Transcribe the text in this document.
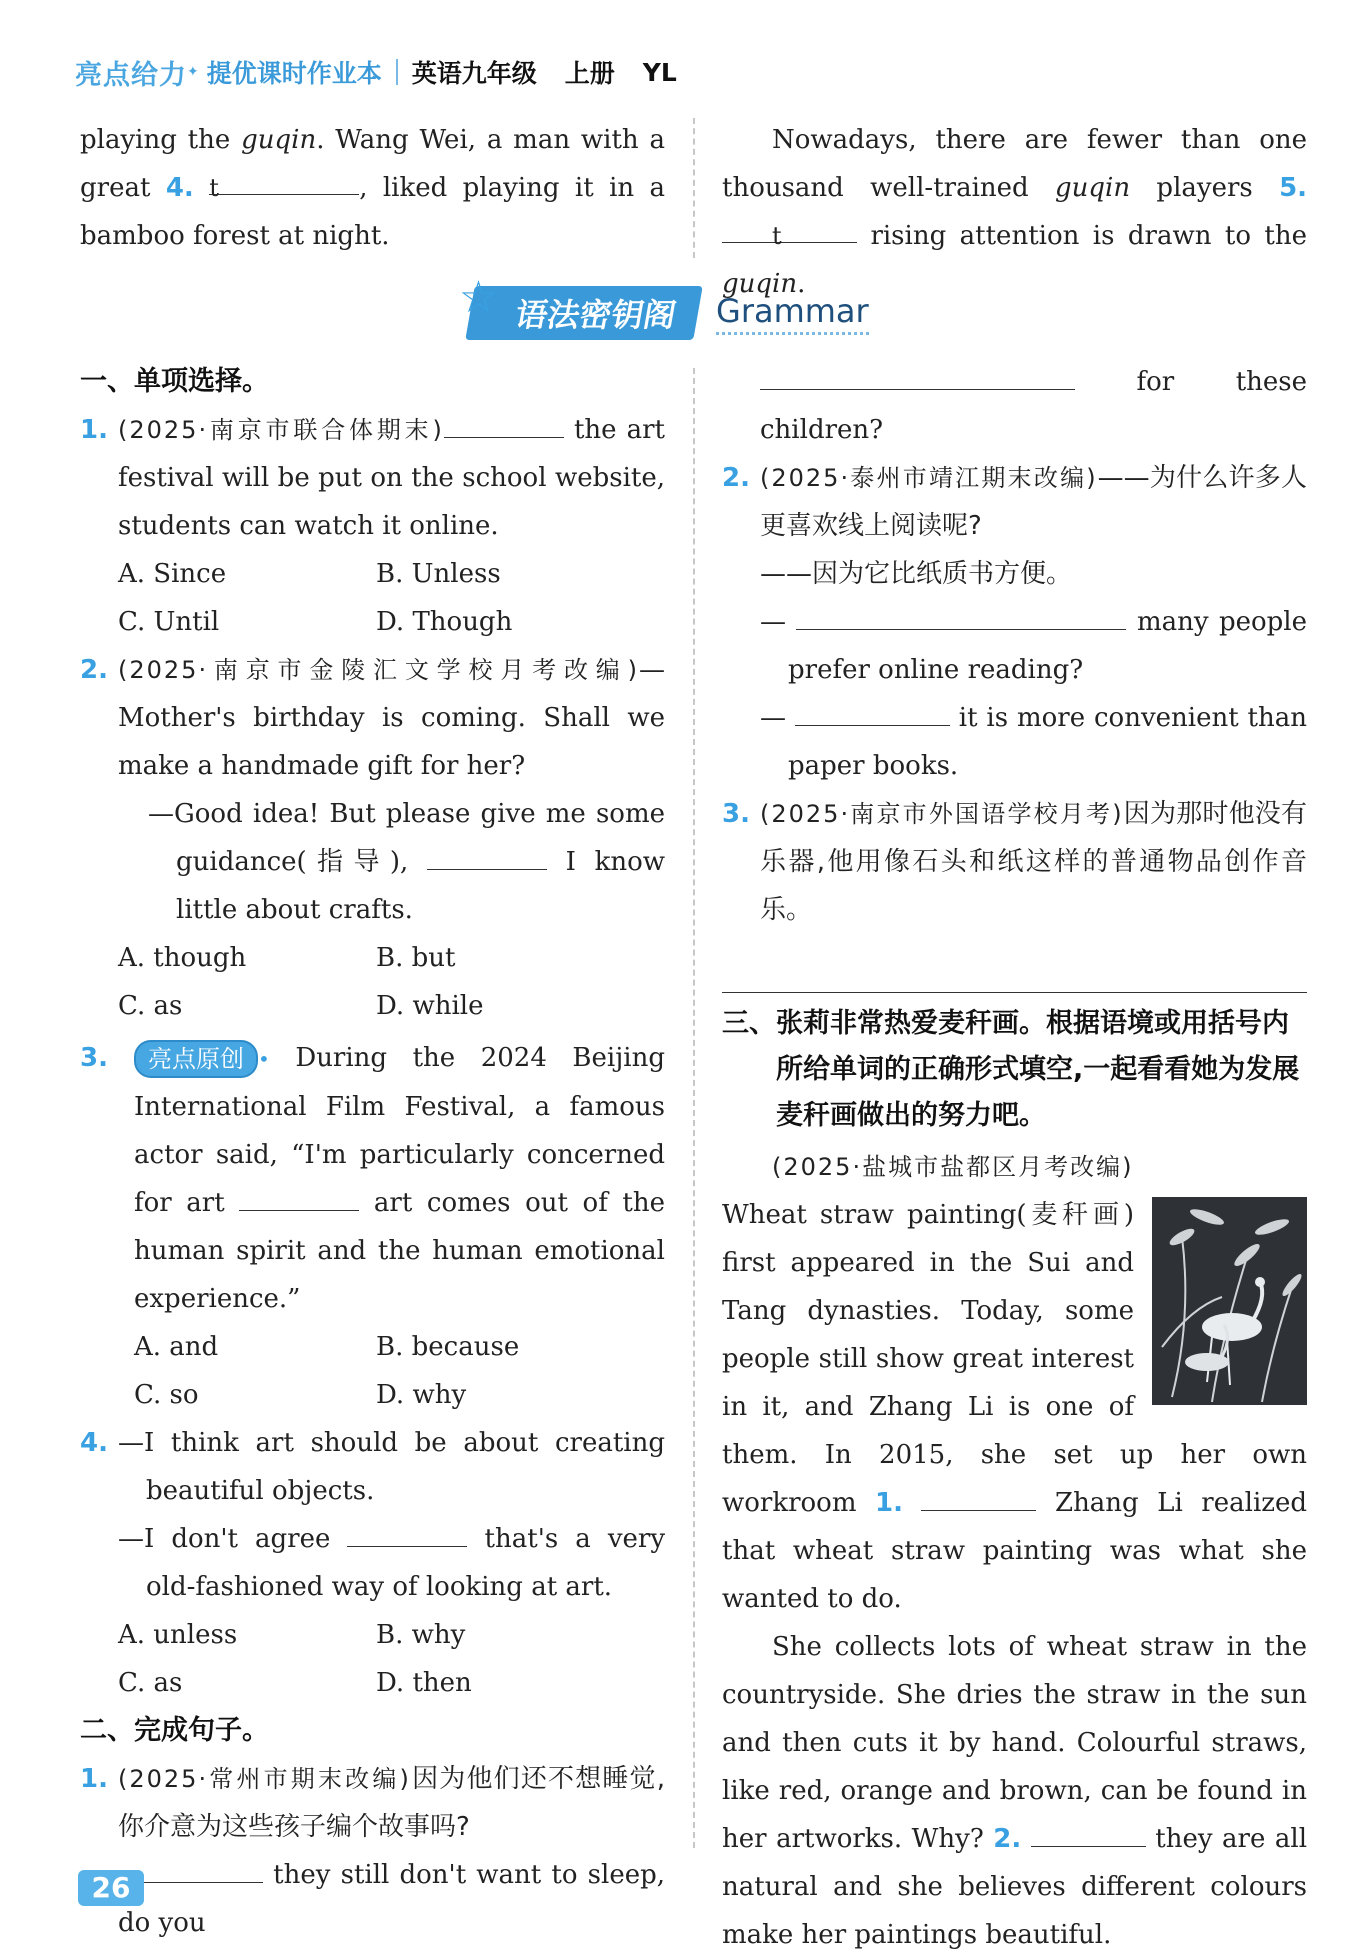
亮点给力 ✦ 提优课时作业本 英语九年级 上册 YL

playing the guqin. Wang Wei, a man with a great 4. t	, liked playing it in a bamboo forest at night.

Nowadays, there are fewer than one thousand well-trained guqin players 5. t	rising attention is drawn to the guqin.

☆ 语法密钥阁	Grammar
一、单项选择。
1. (2025·南京市联合体期末)	the art festival will be put on the school website, students can watch it online.

A. Since	B. Unless
C. Until	D. Though
2. (2025·南京市金陵汇文学校月考改编)—Mother's birthday is coming. Shall we make a handmade gift for her?

—Good idea! But please give me some guidance(指导),	I know little about crafts.

A. though	B. but
C. as	D. while
3.	亮点原创 • During the 2024 Beijing International Film Festival, a famous actor said, “I'm particularly concerned for art	art comes out of the human spirit and the human emotional experience.”

A. and	B. because
C. so	D. why
4. —I think art should be about creating beautiful objects.

—I don't agree	that's a very old-fashioned way of looking at art.

A. unless	B. why
C. as	D. then
二、完成句子。
1. (2025·常州市期末改编)因为他们还不想睡觉,你介意为这些孩子编个故事吗?

they still don't want to sleep, do you

for these children?

2. (2025·泰州市靖江期末改编)——为什么许多人更喜欢线上阅读呢?

——因为它比纸质书方便。

—	many people prefer online reading?

—	it is more convenient than paper books.

3. (2025·南京市外国语学校月考)因为那时他没有乐器,他用像石头和纸这样的普通物品创作音乐。

三、张莉非常热爱麦秆画。根据语境或用括号内所给单词的正确形式填空,一起看看她为发展麦秆画做出的努力吧。

(2025·盐城市盐都区月考改编)

Wheat straw painting(麦秆画) first appeared in the Sui and Tang dynasties. Today, some people still show great interest in it, and Zhang Li is one of them. In 2015, she set up her own workroom 1.	Zhang Li realized that wheat straw painting was what she wanted to do.

She collects lots of wheat straw in the countryside. She dries the straw in the sun and then cuts it by hand. Colourful straws, like red, orange and brown, can be found in her artworks. Why? 2.	they are all natural and she believes different colours make her paintings beautiful.

26
